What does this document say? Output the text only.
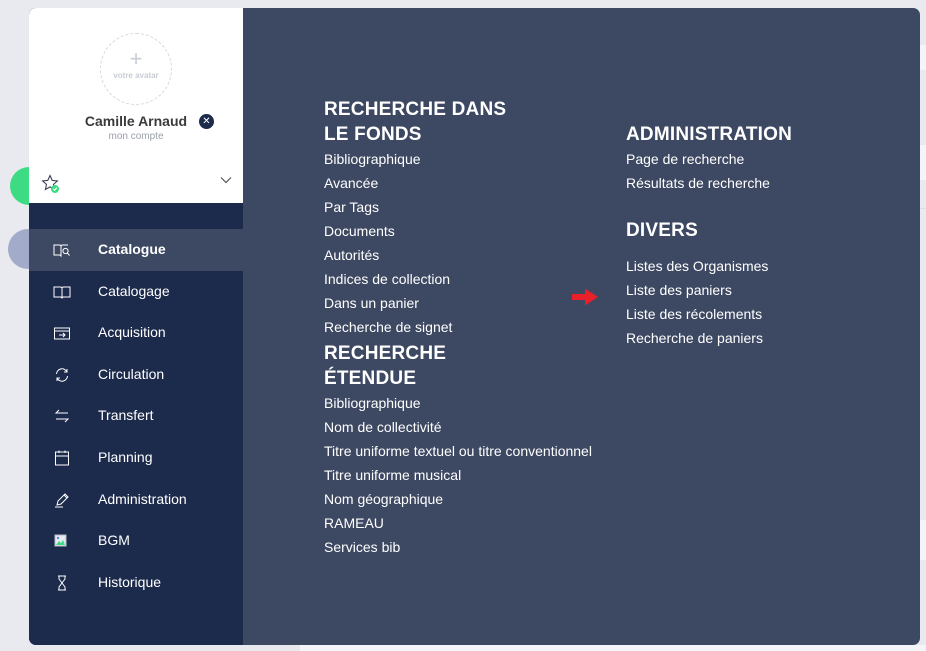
+
votre avatar
Camille Arnaud	✕
mon compte
Catalogue
Catalogage
Acquisition
Circulation
Transfert
Planning
Administration
BGM
Historique
RECHERCHE DANS
LE FONDS
Bibliographique
Avancée
Par Tags
Documents
Autorités
Indices de collection
Dans un panier
Recherche de signet
RECHERCHE
ÉTENDUE
Bibliographique
Nom de collectivité
Titre uniforme textuel ou titre conventionnel
Titre uniforme musical
Nom géographique
RAMEAU
Services bib
ADMINISTRATION
Page de recherche
Résultats de recherche
DIVERS
Listes des Organismes
Liste des paniers
Liste des récolements
Recherche de paniers
